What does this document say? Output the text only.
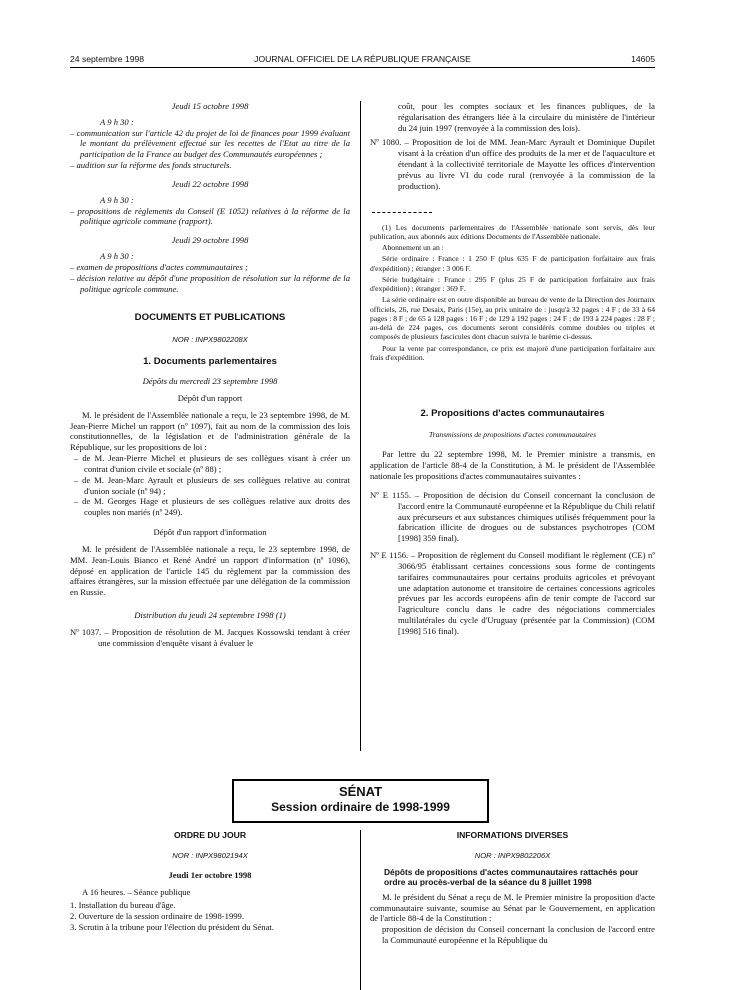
24 septembre 1998	JOURNAL OFFICIEL DE LA RÉPUBLIQUE FRANÇAISE	14605
Jeudi 15 octobre 1998
A 9 h 30 :

– communication sur l'article 42 du projet de loi de finances pour 1999 évaluant le montant du prélèvement effectué sur les recettes de l'Etat au titre de la participation de la France au budget des Communautés européennes ;

– audition sur la réforme des fonds structurels.

Jeudi 22 octobre 1998
A 9 h 30 :

– propositions de règlements du Conseil (E 1052) relatives à la réforme de la politique agricole commune (rapport).

Jeudi 29 octobre 1998
A 9 h 30 :

– examen de propositions d'actes communautaires ;

– décision relative au dépôt d'une proposition de résolution sur la réforme de la politique agricole commune.

DOCUMENTS ET PUBLICATIONS
NOR : INPX9802208X
1. Documents parlementaires
Dépôts du mercredi 23 septembre 1998
Dépôt d'un rapport

M. le président de l'Assemblée nationale a reçu, le 23 septembre 1998, de M. Jean-Pierre Michel un rapport (nº 1097), fait au nom de la commission des lois constitutionnelles, de la législation et de l'administration générale de la République, sur les propositions de loi :

– de M. Jean-Pierre Michel et plusieurs de ses collègues visant à créer un contrat d'union civile et sociale (nº 88) ;

– de M. Jean-Marc Ayrault et plusieurs de ses collègues relative au contrat d'union sociale (nº 94) ;

– de M. Georges Hage et plusieurs de ses collègues relative aux droits des couples non mariés (nº 249).

Dépôt d'un rapport d'information

M. le président de l'Assemblée nationale a reçu, le 23 septembre 1998, de MM. Jean-Louis Bianco et René André un rapport d'information (nº 1096), déposé en application de l'article 145 du règlement par la commission des affaires étrangères, sur la mission effectuée par une délégation de la commission en Russie.

Distribution du jeudi 24 septembre 1998 (1)

Nº 1037. – Proposition de résolution de M. Jacques Kossowski tendant à créer une commission d'enquête visant à évaluer le

coût, pour les comptes sociaux et les finances publiques, de la régularisation des étrangers liée à la circulaire du ministère de l'intérieur du 24 juin 1997 (renvoyée à la commission des lois).

Nº 1080. – Proposition de loi de MM. Jean-Marc Ayrault et Dominique Dupilet visant à la création d'un office des produits de la mer et de l'aquaculture et étendant à la collectivité territoriale de Mayotte les offices d'intervention prévus au livre VI du code rural (renvoyée à la commission de la production).

(1) Les documents parlementaires de l'Assemblée nationale sont servis, dès leur publication, aux abonnés aux éditions Documents de l'Assemblée nationale.

Abonnement un an :

Série ordinaire : France : 1 250 F (plus 635 F de participation forfaitaire aux frais d'expédition) ; étranger : 3 006 F.

Série budgétaire : France : 295 F (plus 25 F de participation forfaitaire aux frais d'expédition) ; étranger : 369 F.

La série ordinaire est en outre disponible au bureau de vente de la Direction des Journaux officiels, 26, rue Desaix, Paris (15e), au prix unitaire de : jusqu'à 32 pages : 4 F ; de 33 à 64 pages : 8 F ; de 65 à 128 pages : 16 F ; de 129 à 192 pages : 24 F ; de 193 à 224 pages : 28 F ; au-delà de 224 pages, ces documents seront considérés comme doubles ou triples et composés de plusieurs fascicules dont chacun suivra le barème ci-dessus.

Pour la vente par correspondance, ce prix est majoré d'une participation forfaitaire aux frais d'expédition.

2. Propositions d'actes communautaires
Transmissions de propositions d'actes communautaires

Par lettre du 22 septembre 1998, M. le Premier ministre a transmis, en application de l'article 88-4 de la Constitution, à M. le président de l'Assemblée nationale les propositions d'actes communautaires suivantes :

Nº E 1155. – Proposition de décision du Conseil concernant la conclusion de l'accord entre la Communauté européenne et la République du Chili relatif aux précurseurs et aux substances chimiques utilisés fréquemment pour la fabrication illicite de drogues ou de substances psychotropes (COM [1998] 359 final).

Nº E 1156. – Proposition de règlement du Conseil modifiant le règlement (CE) nº 3066/95 établissant certaines concessions sous forme de contingents tarifaires communautaires pour certains produits agricoles et prévoyant une adaptation autonome et transitoire de certaines concessions agricoles prévues par les accords européens afin de tenir compte de l'accord sur l'agriculture conclu dans le cadre des négociations commerciales multilatérales du cycle d'Uruguay (présentée par la Commission) (COM [1998] 516 final).

SÉNAT
Session ordinaire de 1998-1999
ORDRE DU JOUR
NOR : INPX9802194X
Jeudi 1er octobre 1998
A 16 heures. – Séance publique
1. Installation du bureau d'âge.
2. Ouverture de la session ordinaire de 1998-1999.
3. Scrutin à la tribune pour l'élection du président du Sénat.
INFORMATIONS DIVERSES
NOR : INPX9802206X
Dépôts de propositions d'actes communautaires rattachés pour ordre au procès-verbal de la séance du 8 juillet 1998

M. le président du Sénat a reçu de M. le Premier ministre la proposition d'acte communautaire suivante, soumise au Sénat par le Gouvernement, en application de l'article 88-4 de la Constitution :

proposition de décision du Conseil concernant la conclusion de l'accord entre la Communauté européenne et la République du
